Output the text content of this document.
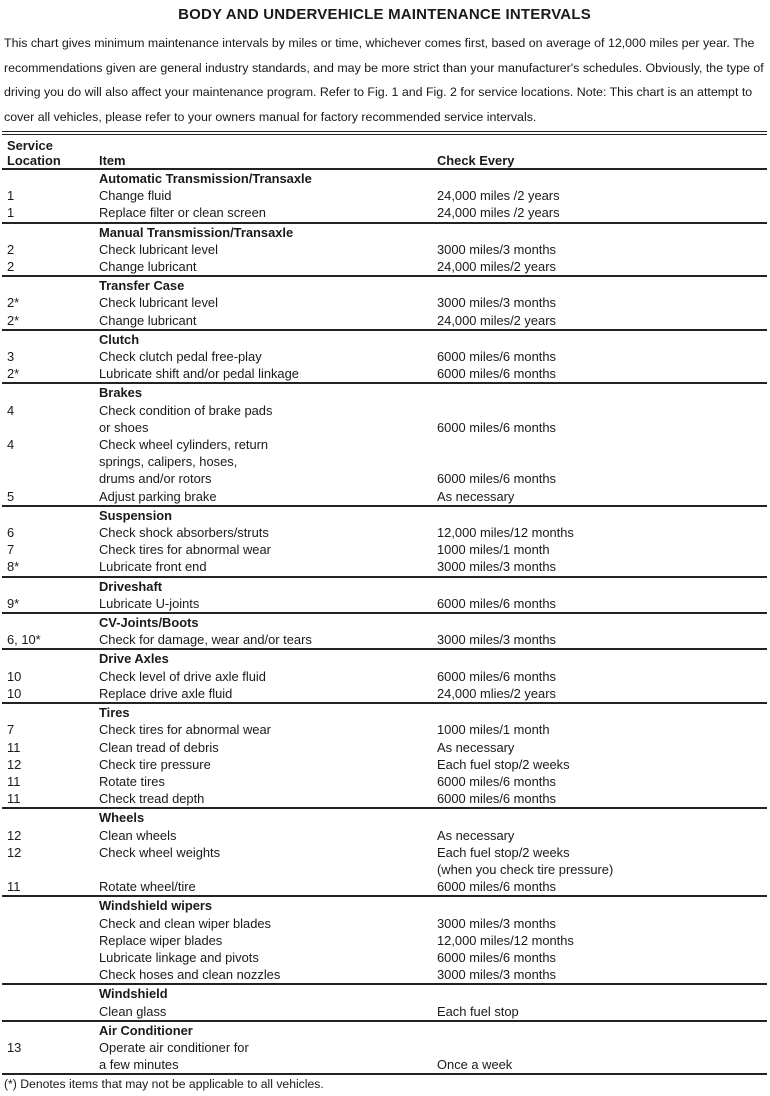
BODY AND UNDERVEHICLE MAINTENANCE INTERVALS

This chart gives minimum maintenance intervals by miles or time, whichever comes first, based on average of 12,000 miles per year. The recommendations given are general industry standards, and may be more strict than your manufacturer's schedules. Obviously, the type of driving you do will also affect your maintenance program. Refer to Fig. 1 and Fig. 2 for service locations. Note: This chart is an attempt to cover all vehicles, please refer to your owners manual for factory recommended service intervals.

Service
Location	Item	Check Every
Automatic Transmission/Transaxle
1	Change fluid	24,000 miles /2 years
1	Replace filter or clean screen	24,000 miles /2 years
Manual Transmission/Transaxle
2	Check lubricant level	3000 miles/3 months
2	Change lubricant	24,000 miles/2 years
Transfer Case
2*	Check lubricant level	3000 miles/3 months
2*	Change lubricant	24,000 miles/2 years
Clutch
3	Check clutch pedal free-play	6000 miles/6 months
2*	Lubricate shift and/or pedal linkage	6000 miles/6 months
Brakes
4	Check condition of brake pads
or shoes	6000 miles/6 months
4	Check wheel cylinders, return
springs, calipers, hoses,
drums and/or rotors	6000 miles/6 months
5	Adjust parking brake	As necessary
Suspension
6	Check shock absorbers/struts	12,000 miles/12 months
7	Check tires for abnormal wear	1000 miles/1 month
8*	Lubricate front end	3000 miles/3 months
Driveshaft
9*	Lubricate U-joints	6000 miles/6 months
CV-Joints/Boots
6, 10*	Check for damage, wear and/or tears	3000 miles/3 months
Drive Axles
10	Check level of drive axle fluid	6000 miles/6 months
10	Replace drive axle fluid	24,000 mlies/2 years
Tires
7	Check tires for abnormal wear	1000 miles/1 month
11	Clean tread of debris	As necessary
12	Check tire pressure	Each fuel stop/2 weeks
11	Rotate tires	6000 miles/6 months
11	Check tread depth	6000 miles/6 months
Wheels
12	Clean wheels	As necessary
12	Check wheel weights	Each fuel stop/2 weeks
(when you check tire pressure)
11	Rotate wheel/tire	6000 miles/6 months
Windshield wipers
Check and clean wiper blades	3000 miles/3 months
Replace wiper blades	12,000 miles/12 months
Lubricate linkage and pivots	6000 miles/6 months
Check hoses and clean nozzles	3000 miles/3 months
Windshield
Clean glass	Each fuel stop
Air Conditioner
13	Operate air conditioner for
a few minutes	Once a week

(*) Denotes items that may not be applicable to all vehicles.
